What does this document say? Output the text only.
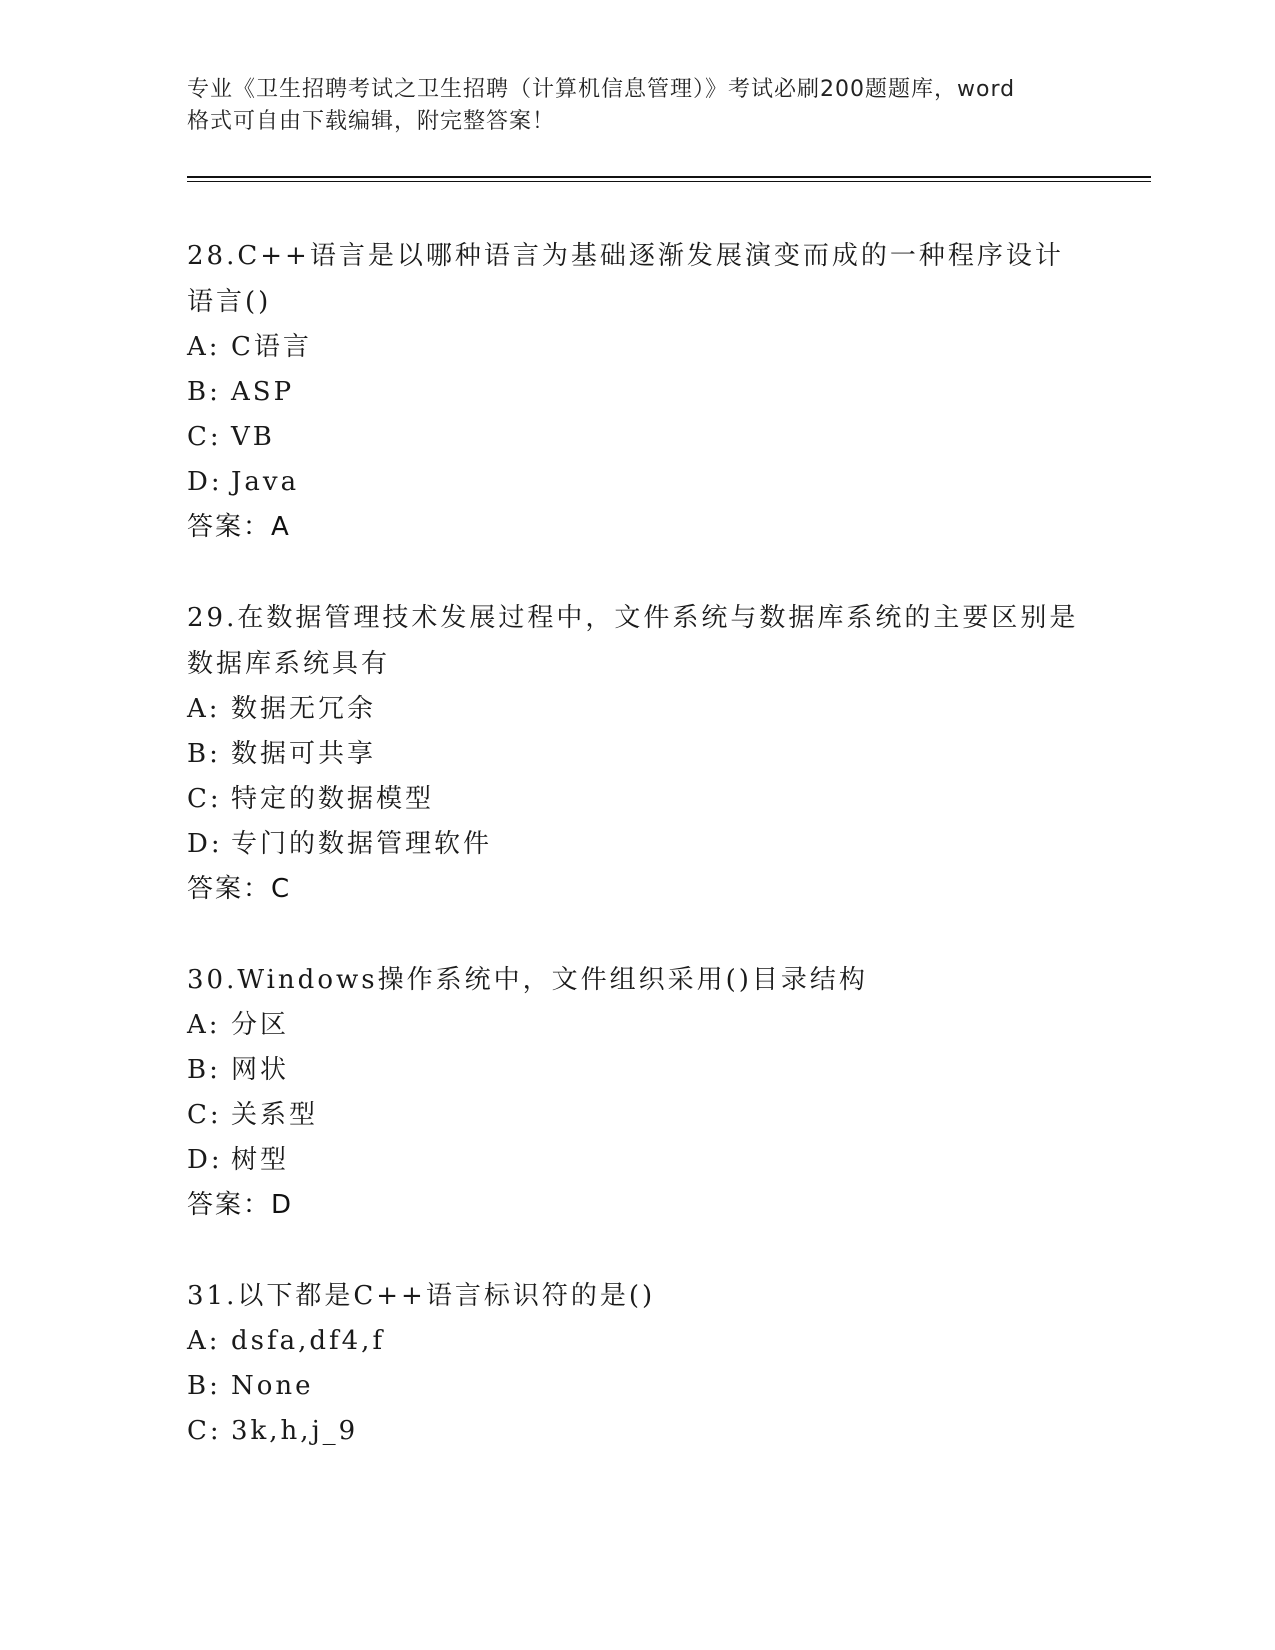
专业《卫生招聘考试之卫生招聘（计算机信息管理）》考试必刷200题题库，word
格式可自由下载编辑，附完整答案！
28.C++语言是以哪种语言为基础逐渐发展演变而成的一种程序设计语言()
A: C语言
B: ASP
C: VB
D: Java
答案：A
29.在数据管理技术发展过程中，文件系统与数据库系统的主要区别是数据库系统具有
A: 数据无冗余
B: 数据可共享
C: 特定的数据模型
D: 专门的数据管理软件
答案：C
30.Windows操作系统中，文件组织采用()目录结构
A: 分区
B: 网状
C: 关系型
D: 树型
答案：D
31.以下都是C++语言标识符的是()
A: dsfa,df4,f
B: None
C: 3k,h,j_9
